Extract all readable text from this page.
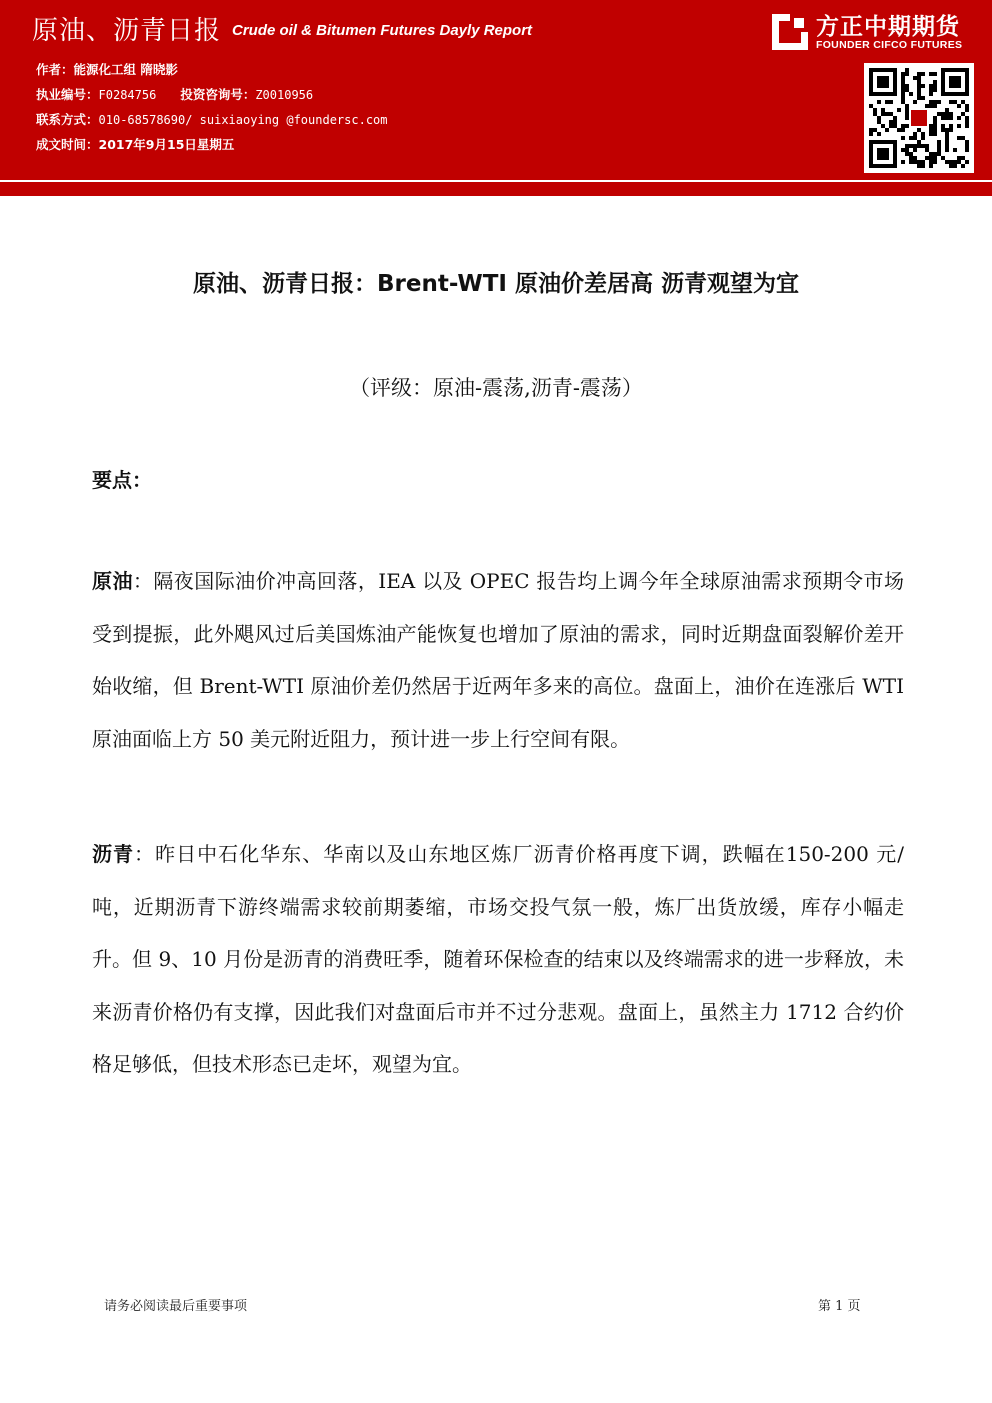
原油、沥青日报 Crude oil & Bitumen Futures Dayly Report
作者：能源化工组 隋晓影
执业编号：F0284756 投资咨询号：Z0010956
联系方式：010-68578690/ suixiaoying @foundersc.com
成文时间：2017年9月15日星期五
方正中期期货
FOUNDER CIFCO FUTURES
原油、沥青日报：Brent-WTI 原油价差居高 沥青观望为宜
（评级：原油-震荡,沥青-震荡）
要点：
原油：隔夜国际油价冲高回落，IEA 以及 OPEC 报告均上调今年全球原油需求预期令市场受到提振，此外飓风过后美国炼油产能恢复也增加了原油的需求，同时近期盘面裂解价差开始收缩，但 Brent-WTI 原油价差仍然居于近两年多来的高位。盘面上，油价在连涨后 WTI 原油面临上方 50 美元附近阻力，预计进一步上行空间有限。
沥青：昨日中石化华东、华南以及山东地区炼厂沥青价格再度下调，跌幅在150-200 元/吨，近期沥青下游终端需求较前期萎缩，市场交投气氛一般，炼厂出货放缓，库存小幅走升。但 9、10 月份是沥青的消费旺季，随着环保检查的结束以及终端需求的进一步释放，未来沥青价格仍有支撑，因此我们对盘面后市并不过分悲观。盘面上，虽然主力 1712 合约价格足够低，但技术形态已走坏，观望为宜。
请务必阅读最后重要事项	第 1 页
